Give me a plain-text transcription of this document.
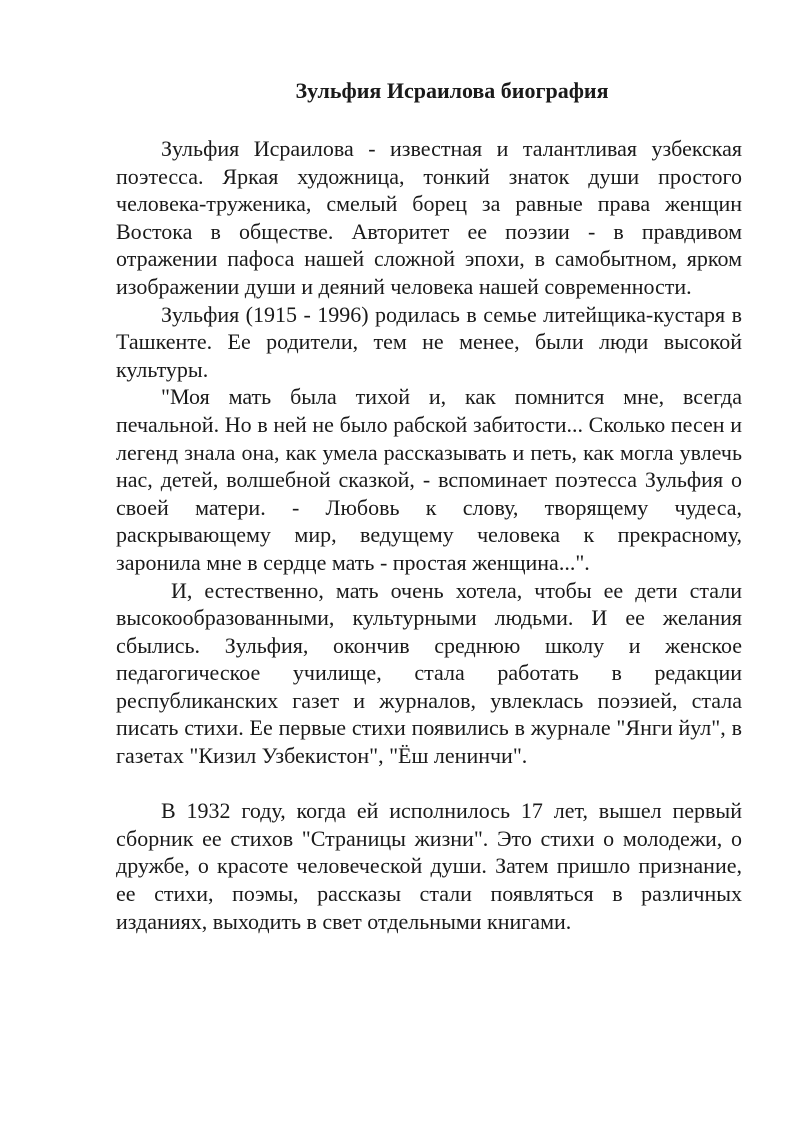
Зульфия Исраилова биография

Зульфия Исраилова - известная и талантливая узбекская поэтесса. Яркая художница, тонкий знаток души простого человека-труженика, смелый борец за равные права женщин Востока в обществе. Авторитет ее поэзии - в правдивом отражении пафоса нашей сложной эпохи, в самобытном, ярком изображении души и деяний человека нашей современности.

Зульфия (1915 - 1996) родилась в семье литейщика-кустаря в Ташкенте. Ее родители, тем не менее, были люди высокой культуры.

"Моя мать была тихой и, как помнится мне, всегда печальной. Но в ней не было рабской забитости... Сколько песен и легенд знала она, как умела рассказывать и петь, как могла увлечь нас, детей, волшебной сказкой, - вспоминает поэтесса Зульфия о своей матери. - Любовь к слову, творящему чудеса, раскрывающему мир, ведущему человека к прекрасному, заронила мне в сердце мать - простая женщина...".

И, естественно, мать очень хотела, чтобы ее дети стали высокообразованными, культурными людьми. И ее желания сбылись. Зульфия, окончив среднюю школу и женское педагогическое училище, стала работать в редакции республиканских газет и журналов, увлеклась поэзией, стала писать стихи. Ее первые стихи появились в журнале "Янги йул", в газетах "Кизил Узбекистон", "Ёш ленинчи".

В 1932 году, когда ей исполнилось 17 лет, вышел первый сборник ее стихов "Страницы жизни". Это стихи о молодежи, о дружбе, о красоте человеческой души. Затем пришло признание, ее стихи, поэмы, рассказы стали появляться в различных изданиях, выходить в свет отдельными книгами.
